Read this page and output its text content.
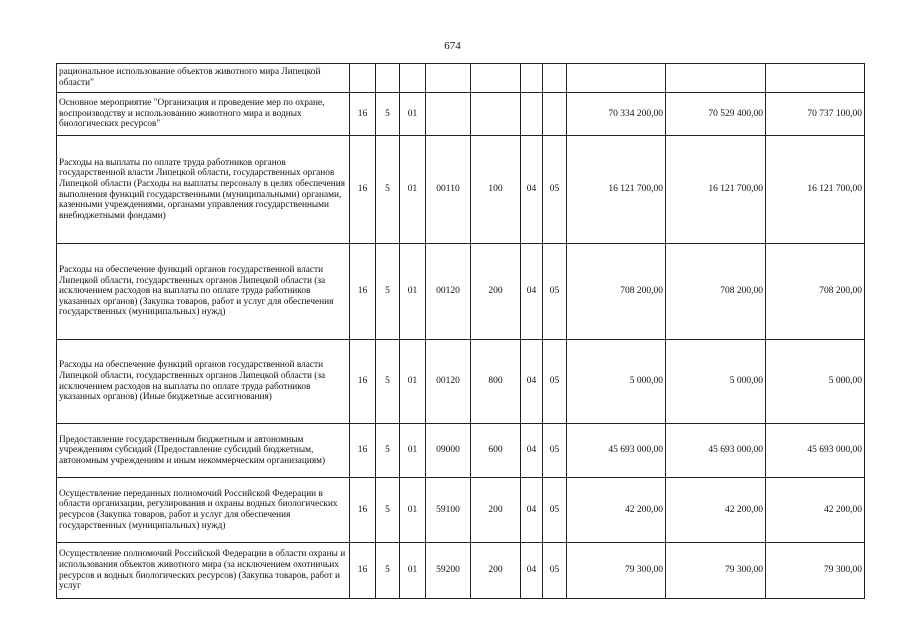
674
рациональное использование объектов животного мира Липецкой области"										
Основное мероприятие "Организация и проведение мер по охране, воспроизводству и использованию животного мира и водных биологических ресурсов"	16	5	01					70 334 200,00	70 529 400,00	70 737 100,00
Расходы на выплаты по оплате труда работников органов государственной власти Липецкой области, государственных органов Липецкой области (Расходы на выплаты персоналу в целях обеспечения выполнения функций государственными (муниципальными) органами, казенными учреждениями, органами управления государственными внебюджетными фондами)	16	5	01	00110	100	04	05	16 121 700,00	16 121 700,00	16 121 700,00
Расходы на обеспечение функций органов государственной власти Липецкой области, государственных органов Липецкой области (за исключением расходов на выплаты по оплате труда работников указанных органов) (Закупка товаров, работ и услуг для обеспечения государственных (муниципальных) нужд)	16	5	01	00120	200	04	05	708 200,00	708 200,00	708 200,00
Расходы на обеспечение функций органов государственной власти Липецкой области, государственных органов Липецкой области (за исключением расходов на выплаты по оплате труда работников указанных органов) (Иные бюджетные ассигнования)	16	5	01	00120	800	04	05	5 000,00	5 000,00	5 000,00
Предоставление государственным бюджетным и автономным учреждениям субсидий (Предоставление субсидий бюджетным, автономным учреждениям и иным некоммерческим организациям)	16	5	01	09000	600	04	05	45 693 000,00	45 693 000,00	45 693 000,00
Осуществление переданных полномочий Российской Федерации в области организации, регулирования и охраны водных биологических ресурсов (Закупка товаров, работ и услуг для обеспечения государственных (муниципальных) нужд)	16	5	01	59100	200	04	05	42 200,00	42 200,00	42 200,00
Осуществление полномочий Российской Федерации в области охраны и использования объектов животного мира (за исключением охотничьих ресурсов и водных биологических ресурсов) (Закупка товаров, работ и услуг	16	5	01	59200	200	04	05	79 300,00	79 300,00	79 300,00
